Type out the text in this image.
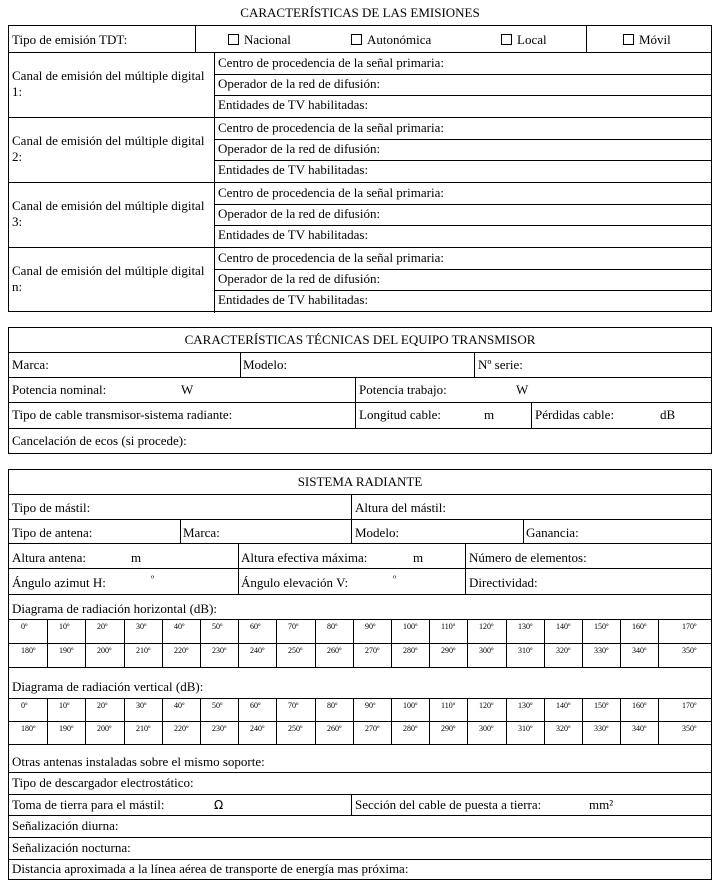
CARACTERÍSTICAS DE LAS EMISIONES
Tipo de emisión TDT:	Nacional	Autonómica	Local	Móvil
Canal de emisión del múltiple digital 1:
Centro de procedencia de la señal primaria:
Operador de la red de difusión:
Entidades de TV habilitadas:
Canal de emisión del múltiple digital 2:
Centro de procedencia de la señal primaria:
Operador de la red de difusión:
Entidades de TV habilitadas:
Canal de emisión del múltiple digital 3:
Centro de procedencia de la señal primaria:
Operador de la red de difusión:
Entidades de TV habilitadas:
Canal de emisión del múltiple digital n:
Centro de procedencia de la señal primaria:
Operador de la red de difusión:
Entidades de TV habilitadas:
CARACTERÍSTICAS TÉCNICAS DEL EQUIPO TRANSMISOR
Marca:	Modelo:	Nº serie:
Potencia nominal:	W	Potencia trabajo:	W
Tipo de cable transmisor-sistema radiante:	Longitud cable:	m	Pérdidas cable:	dB
Cancelación de ecos (si procede):
SISTEMA RADIANTE
Tipo de mástil:	Altura del mástil:
Tipo de antena:	Marca:	Modelo:	Ganancia:
Altura antena:	m	Altura efectiva máxima:	m	Número de elementos:
Ángulo azimut H:	º	Ángulo elevación V:	º	Directividad:
Diagrama de radiación horizontal (dB):
0º	10º	20º	30º	40º	50º	60º	70º	80º	90º	100º	110º	120º	130º	140º	150º	160º	170º
180º	190º	200º	210º	220º	230º	240º	250º	260º	270º	280º	290º	300º	310º	320º	330º	340º	350º
Diagrama de radiación vertical (dB):
0º	10º	20º	30º	40º	50º	60º	70º	80º	90º	100º	110º	120º	130º	140º	150º	160º	170º
180º	190º	200º	210º	220º	230º	240º	250º	260º	270º	280º	290º	300º	310º	320º	330º	340º	350º
Otras antenas instaladas sobre el mismo soporte:
Tipo de descargador electrostático:
Toma de tierra para el mástil:	Ω	Sección del cable de puesta a tierra:	mm²
Señalización diurna:
Señalización nocturna:
Distancia aproximada a la línea aérea de transporte de energía mas próxima:
